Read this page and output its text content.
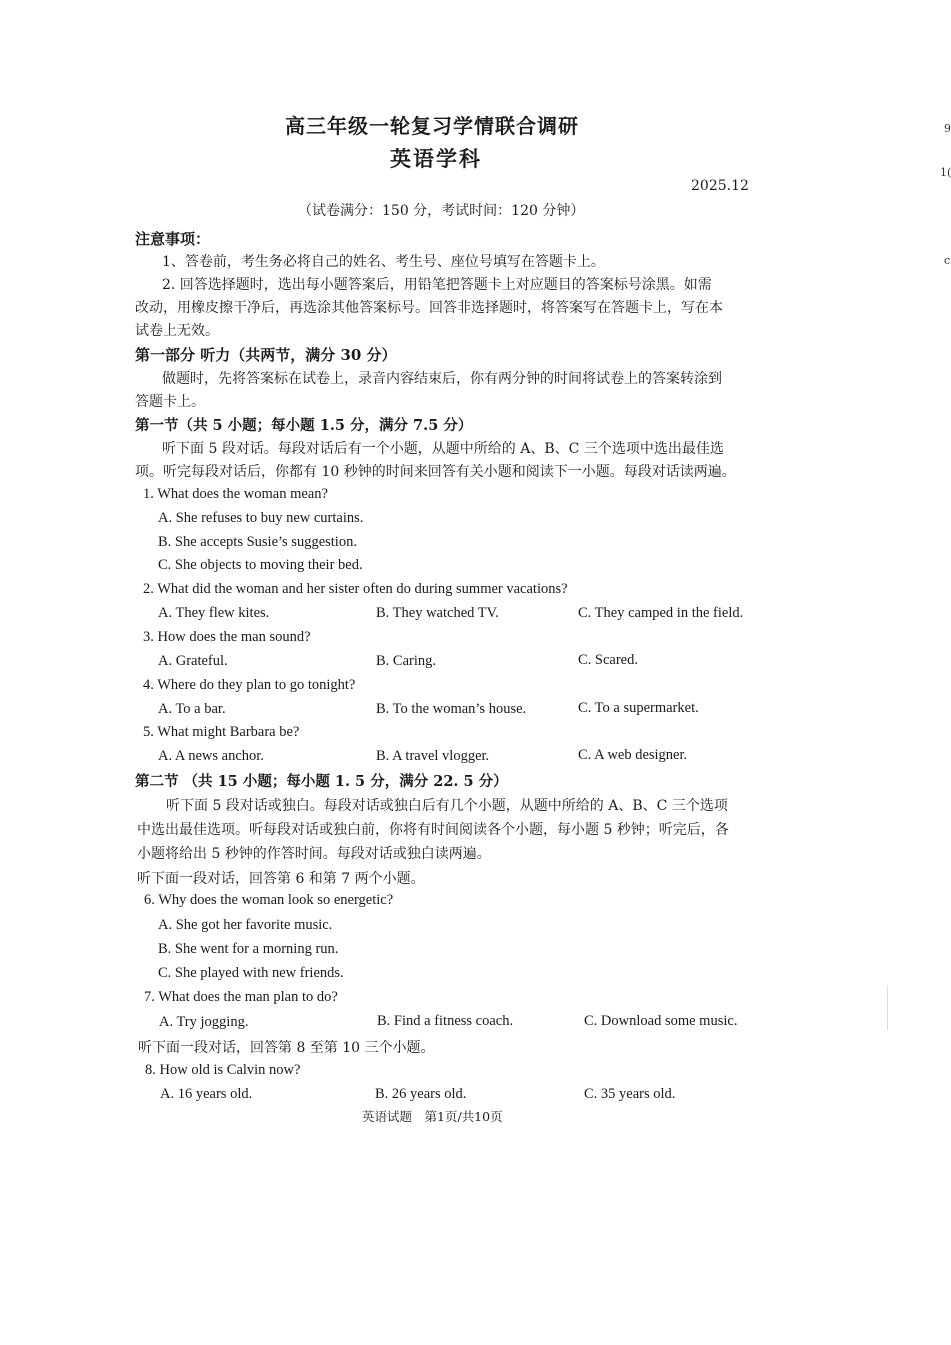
高三年级一轮复习学情联合调研
英语学科
2025.12
（试卷满分：150 分，考试时间：120 分钟）
注意事项：
1、答卷前，考生务必将自己的姓名、考生号、座位号填写在答题卡上。
2. 回答选择题时，选出每小题答案后，用铅笔把答题卡上对应题目的答案标号涂黑。如需
改动，用橡皮擦干净后，再选涂其他答案标号。回答非选择题时，将答案写在答题卡上，写在本
试卷上无效。
第一部分 听力（共两节，满分 30 分）
做题时，先将答案标在试卷上，录音内容结束后，你有两分钟的时间将试卷上的答案转涂到
答题卡上。
第一节（共 5 小题；每小题 1.5 分，满分 7.5 分）
听下面 5 段对话。每段对话后有一个小题，从题中所给的 A、B、C 三个选项中选出最佳选
项。听完每段对话后，你都有 10 秒钟的时间来回答有关小题和阅读下一小题。每段对话读两遍。
1. What does the woman mean?
A. She refuses to buy new curtains.
B. She accepts Susie’s suggestion.
C. She objects to moving their bed.
2. What did the woman and her sister often do during summer vacations?
A. They flew kites.	B. They watched TV.	C. They camped in the field.
3. How does the man sound?
A. Grateful.	B. Caring.	C. Scared.
4. Where do they plan to go tonight?
A. To a bar.	B. To the woman’s house.	C. To a supermarket.
5. What might Barbara be?
A. A news anchor.	B. A travel vlogger.	C. A web designer.
第二节 （共 15 小题；每小题 1. 5 分，满分 22. 5 分）
听下面 5 段对话或独白。每段对话或独白后有几个小题，从题中所给的 A、B、C 三个选项
中选出最佳选项。听每段对话或独白前，你将有时间阅读各个小题，每小题 5 秒钟；听完后，各
小题将给出 5 秒钟的作答时间。每段对话或独白读两遍。
听下面一段对话，回答第 6 和第 7 两个小题。
6. Why does the woman look so energetic?
A. She got her favorite music.
B. She went for a morning run.
C. She played with new friends.
7. What does the man plan to do?
A. Try jogging.	B. Find a fitness coach.	C. Download some music.
听下面一段对话，回答第 8 至第 10 三个小题。
8. How old is Calvin now?
A. 16 years old.	B. 26 years old.	C. 35 years old.
英语试题　第1页/共10页
9
1(
c
